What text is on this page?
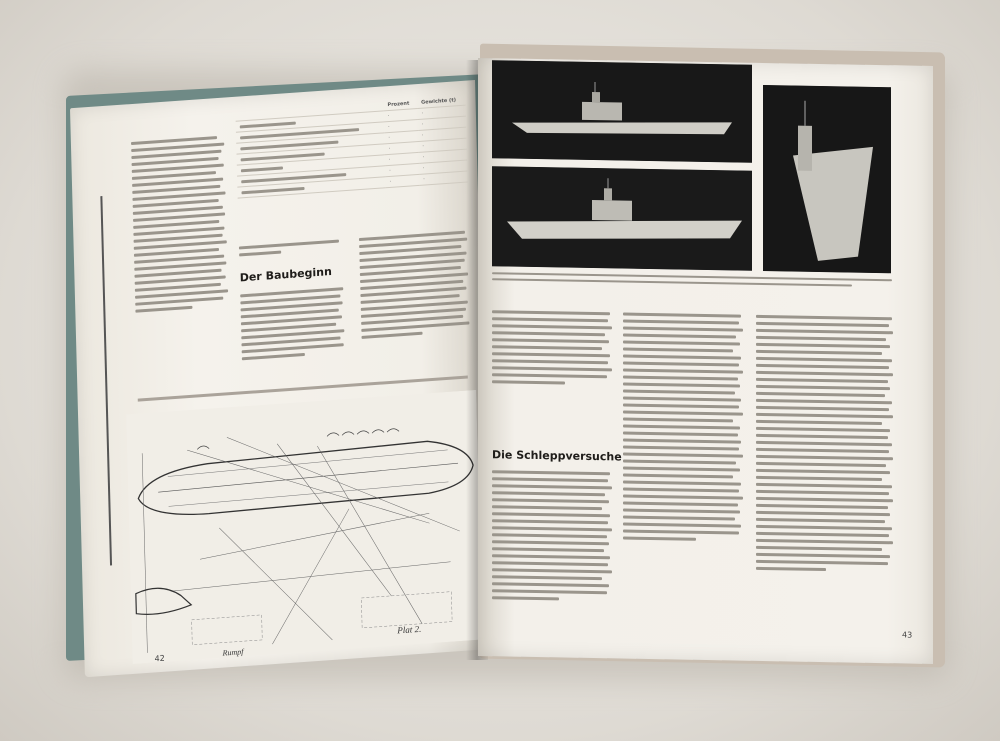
	Prozent	Gewichte (t)

	·	·

	·	·

	·	·

	·	·

	·	·

	·	·

	·	·
Der Baubeginn
Plat 2.
Rumpf
42
Die Schleppversuche
43
